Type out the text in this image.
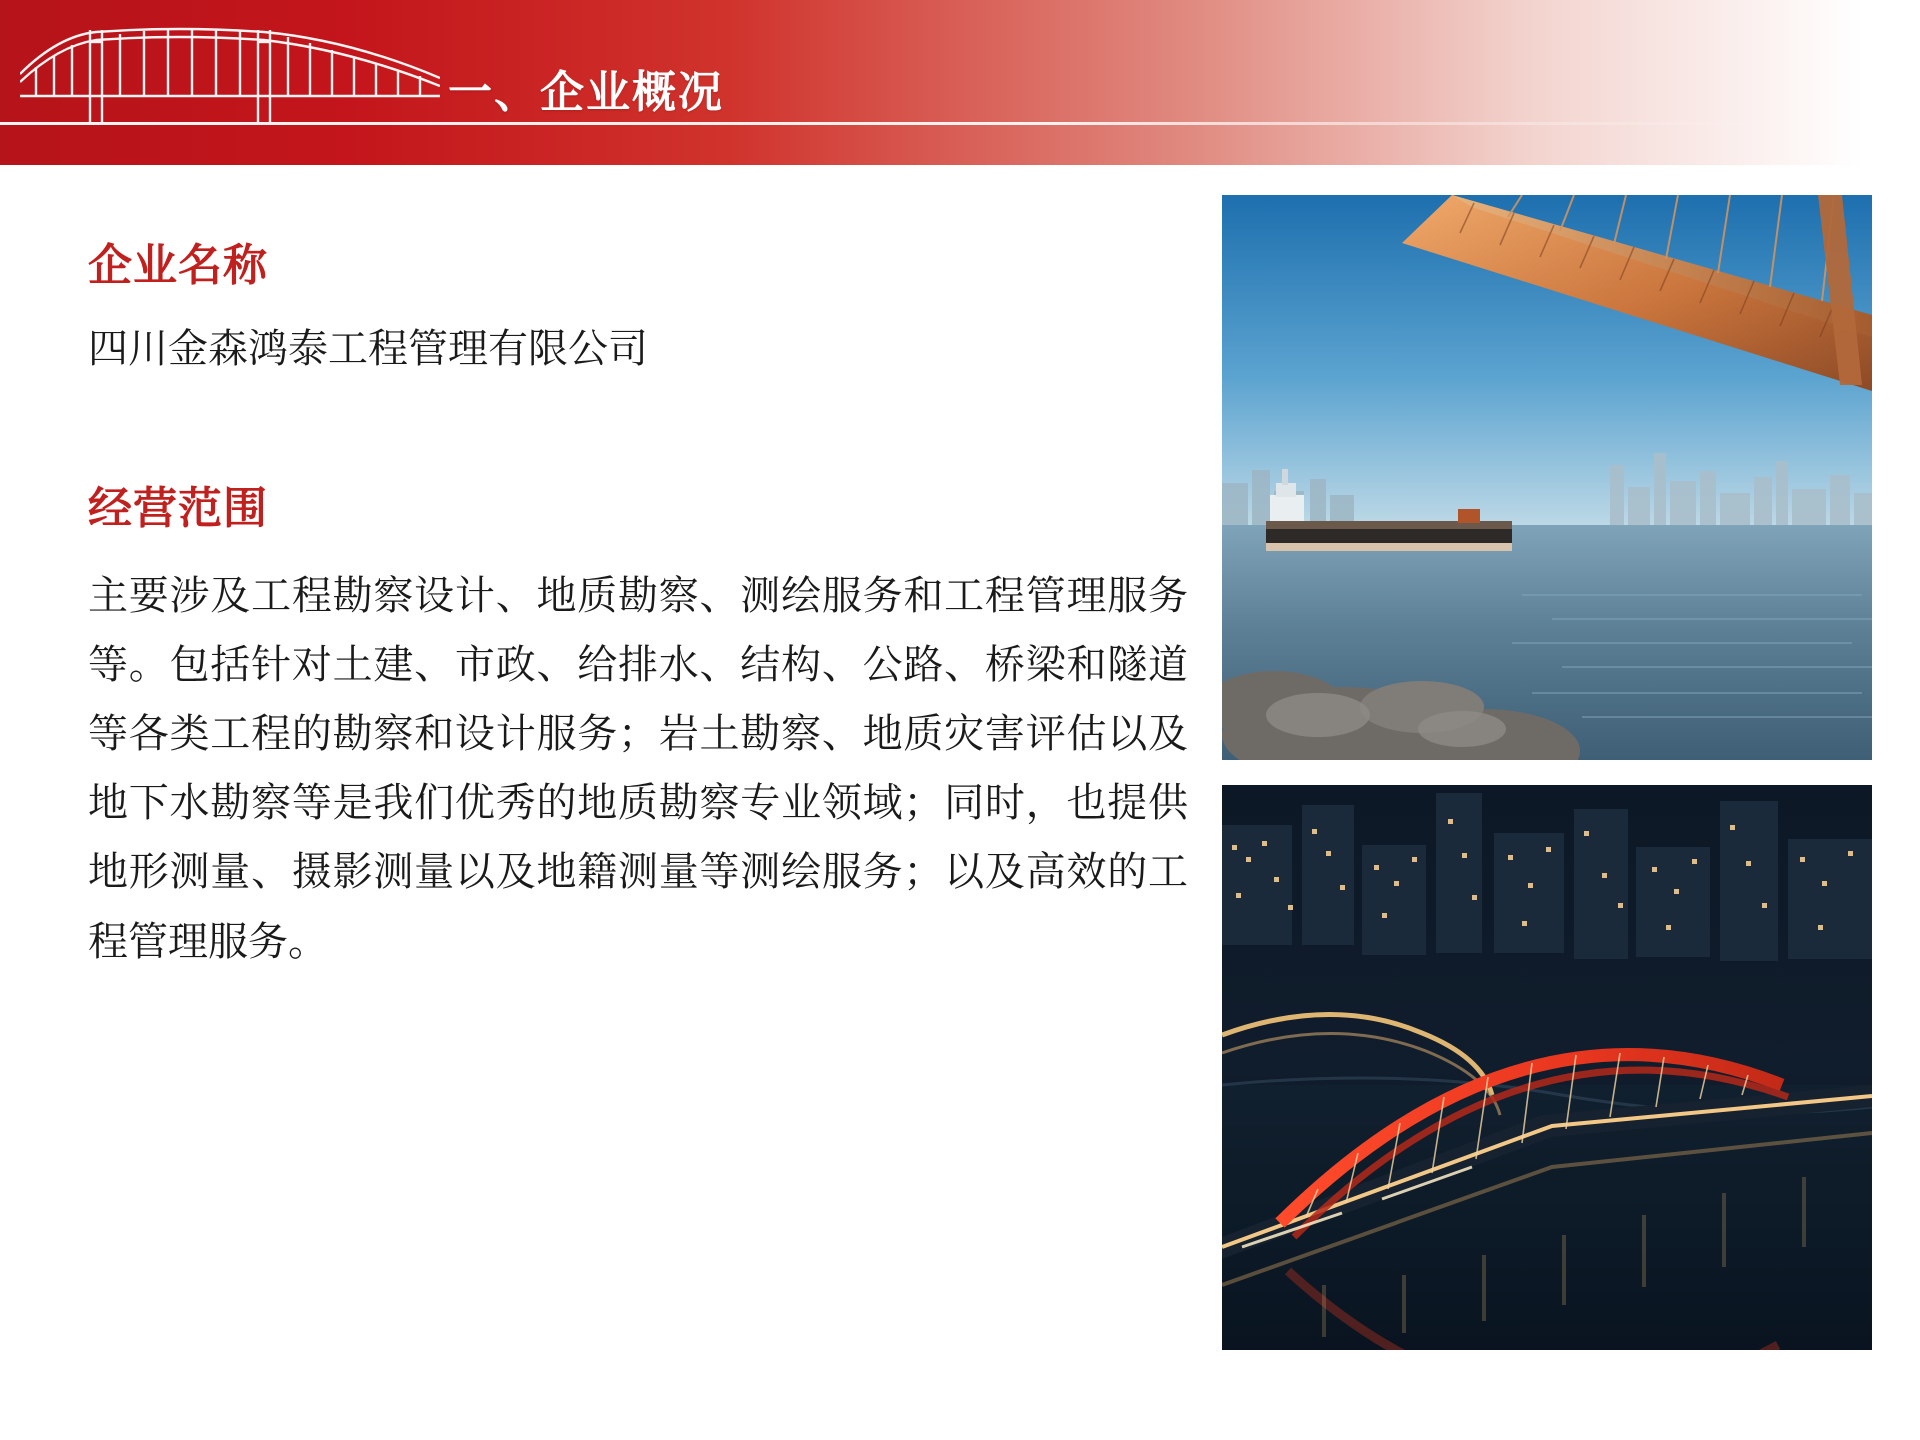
一、企业概况
企业名称

四川金森鸿泰工程管理有限公司

经营范围

主要涉及工程勘察设计、地质勘察、测绘服务和工程管理服务等。包括针对土建、市政、给排水、结构、公路、桥梁和隧道等各类工程的勘察和设计服务；岩土勘察、地质灾害评估以及地下水勘察等是我们优秀的地质勘察专业领域；同时，也提供地形测量、摄影测量以及地籍测量等测绘服务；以及高效的工程管理服务。
